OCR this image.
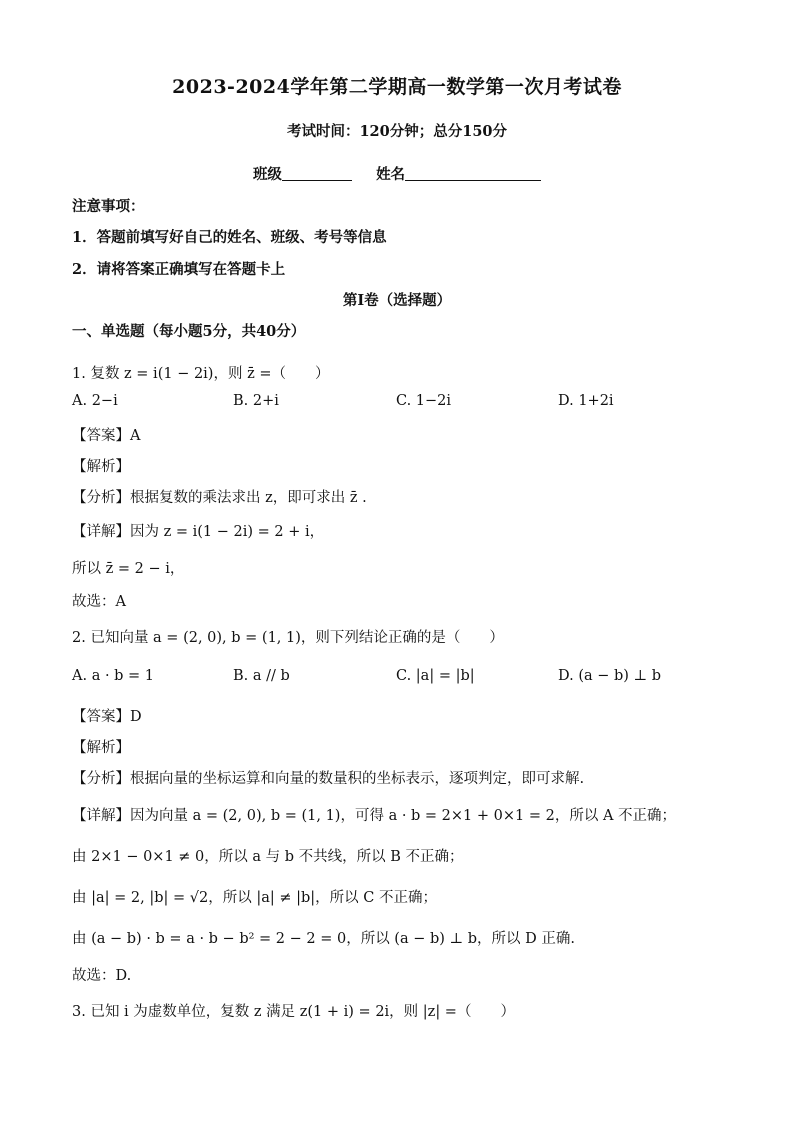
2023-2024学年第二学期高一数学第一次月考试卷
考试时间：120分钟；总分150分
班级	姓名
注意事项：
1．答题前填写好自己的姓名、班级、考号等信息
2．请将答案正确填写在答题卡上
第I卷（选择题）
一、单选题（每小题5分，共40分）
1. 复数 z = i(1 − 2i)，则 z̄ =（　　）
A. 2−i	B. 2+i	C. 1−2i	D. 1+2i
【答案】A
【解析】
【分析】根据复数的乘法求出 z，即可求出 z̄ .
【详解】因为 z = i(1 − 2i) = 2 + i，
所以 z̄ = 2 − i，
故选：A
2. 已知向量 a = (2, 0), b = (1, 1)，则下列结论正确的是（　　）
A. a · b = 1	B. a // b	C. |a| = |b|	D. (a − b) ⊥ b
【答案】D
【解析】
【分析】根据向量的坐标运算和向量的数量积的坐标表示，逐项判定，即可求解.
【详解】因为向量 a = (2, 0), b = (1, 1)，可得 a · b = 2×1 + 0×1 = 2，所以 A 不正确；
由 2×1 − 0×1 ≠ 0，所以 a 与 b 不共线，所以 B 不正确；
由 |a| = 2, |b| = √2，所以 |a| ≠ |b|，所以 C 不正确；
由 (a − b) · b = a · b − b² = 2 − 2 = 0，所以 (a − b) ⊥ b，所以 D 正确.
故选：D.
3. 已知 i 为虚数单位，复数 z 满足 z(1 + i) = 2i，则 |z| =（　　）
